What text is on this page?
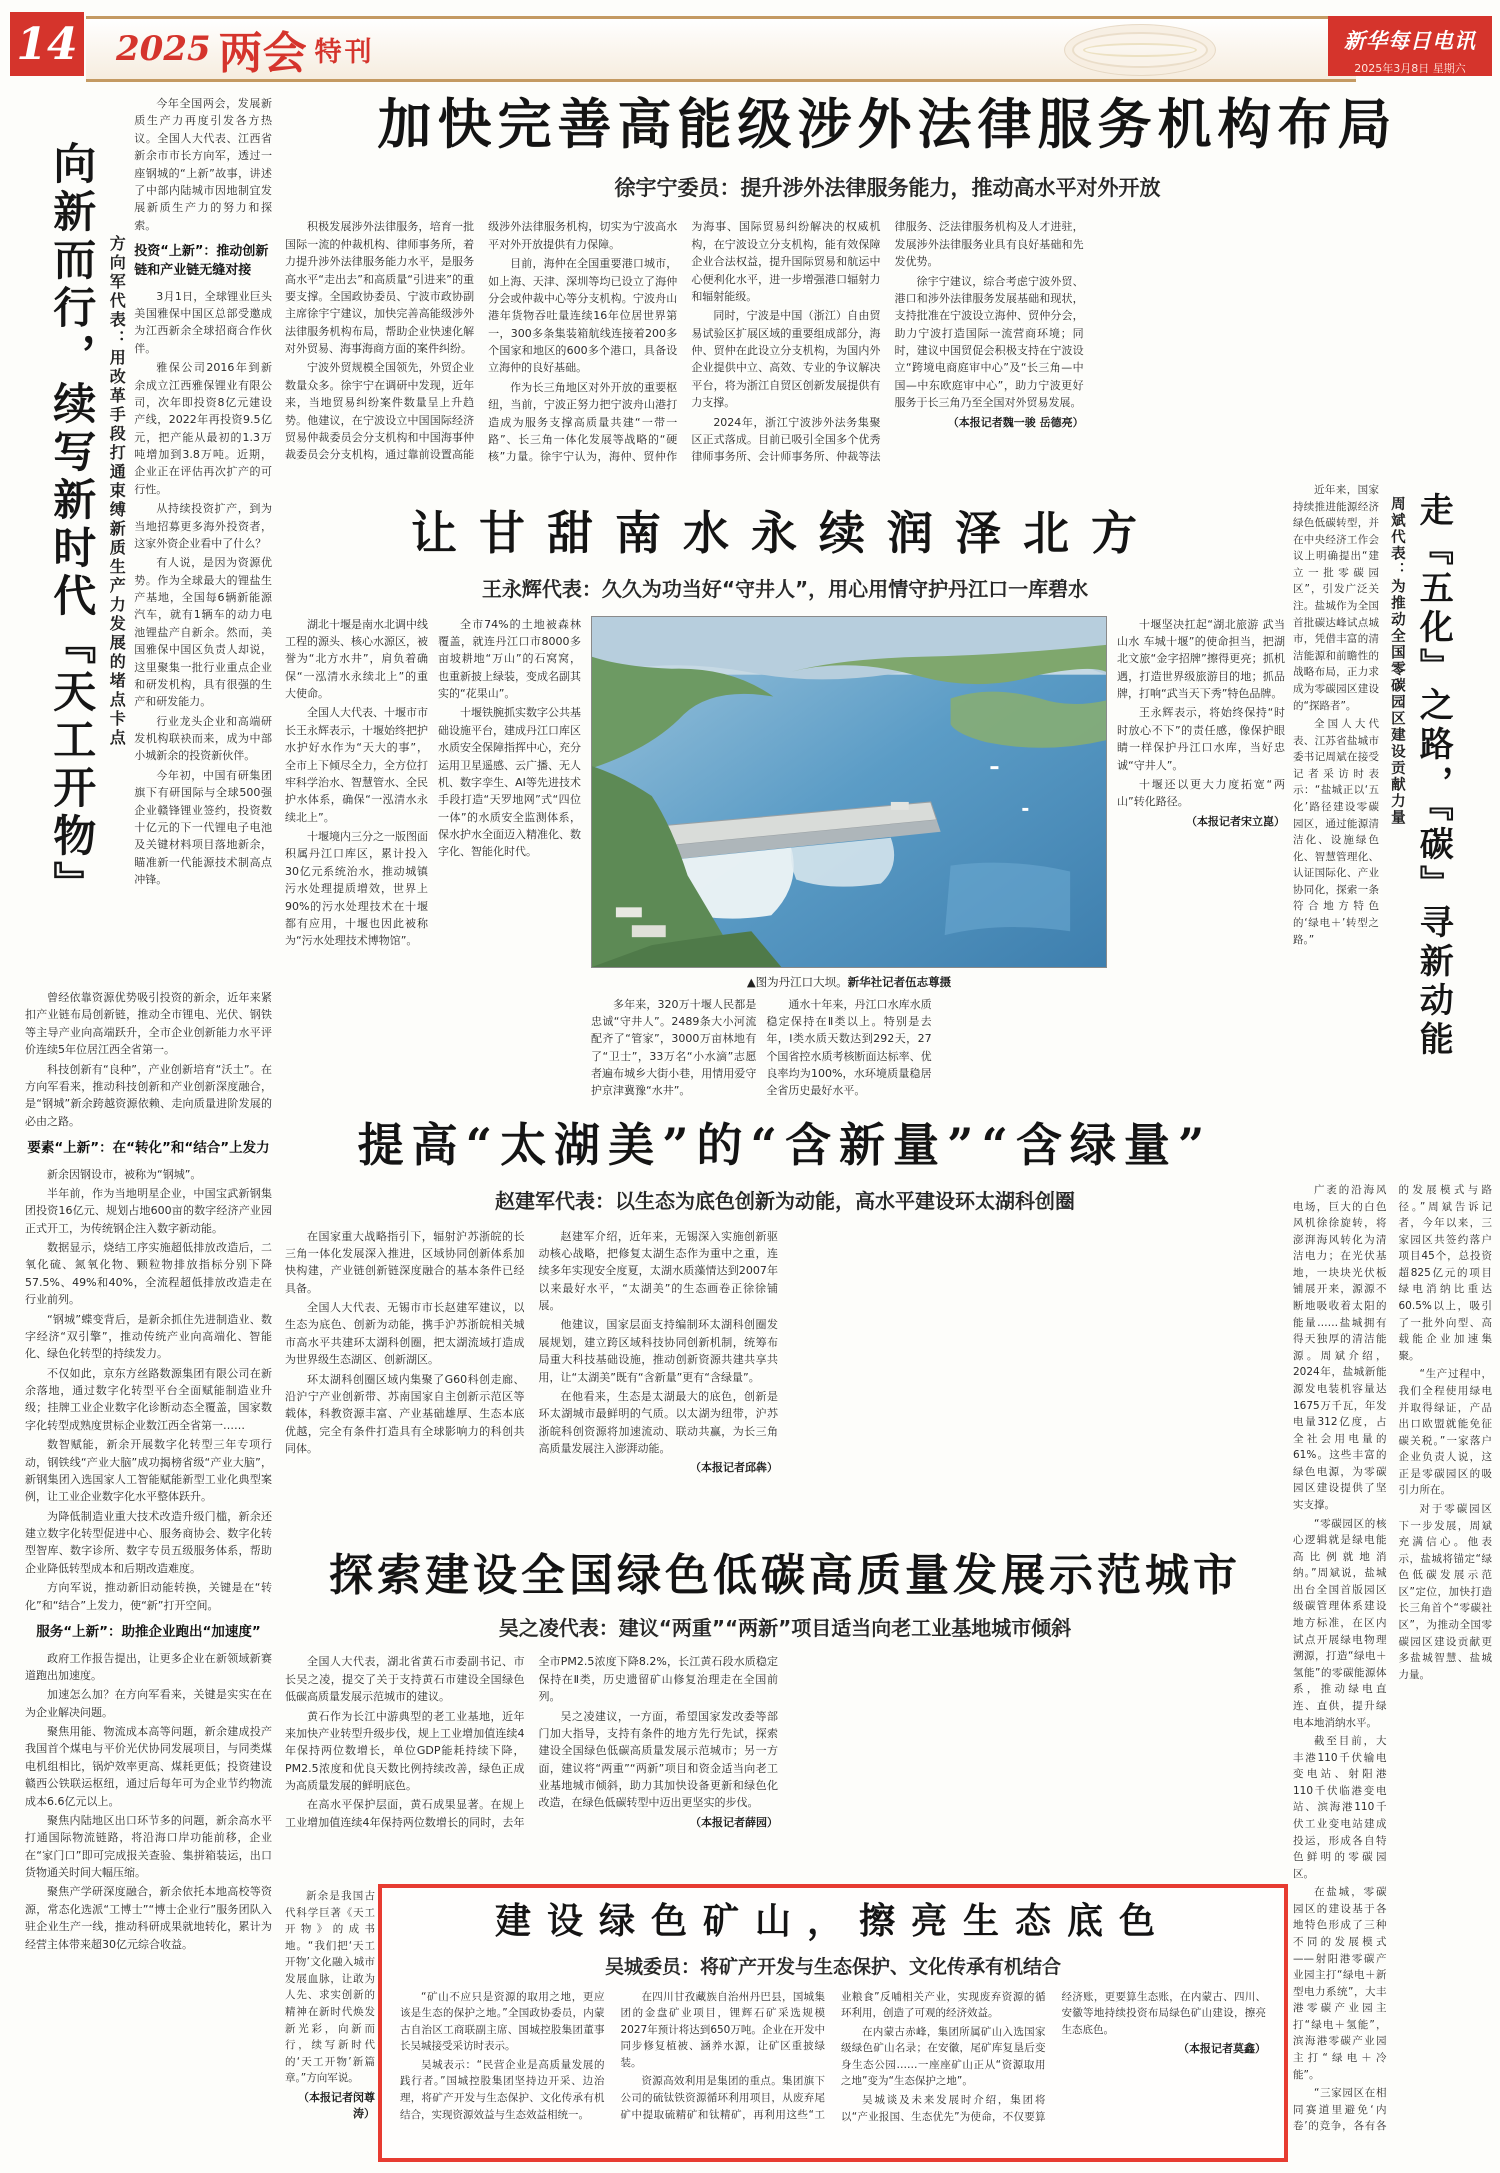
14 2025 两会 特刊	新华每日电讯
2025年3月8日 星期六
向新而行，续写新时代『天工开物』 方向军代表：用改革手段打通束缚新质生产力发展的堵点卡点

今年全国两会，发展新质生产力再度引发各方热议。全国人大代表、江西省新余市市长方向军，透过一座钢城的“上新”故事，讲述了中部内陆城市因地制宜发展新质生产力的努力和探索。

投资“上新”：推动创新链和产业链无缝对接

3月1日，全球锂业巨头美国雅保中国区总部受邀成为江西新余全球招商合作伙伴。

雅保公司2016年到新余成立江西雅保锂业有限公司，次年即投资8亿元建设产线，2022年再投资9.5亿元，把产能从最初的1.3万吨增加到3.8万吨。近期，企业正在评估再次扩产的可行性。

从持续投资扩产，到为当地招募更多海外投资者，这家外资企业看中了什么？

有人说，是因为资源优势。作为全球最大的锂盐生产基地，全国每6辆新能源汽车，就有1辆车的动力电池锂盐产自新余。然而，美国雅保中国区负责人却说，这里聚集一批行业重点企业和研发机构，具有很强的生产和研发能力。

行业龙头企业和高端研发机构联袂而来，成为中部小城新余的投资新伙伴。

今年初，中国有研集团旗下有研国际与全球500强企业赣锋锂业签约，投资数十亿元的下一代锂电子电池及关键材料项目落地新余，瞄准新一代能源技术制高点冲锋。

曾经依靠资源优势吸引投资的新余，近年来紧扣产业链布局创新链，推动全市锂电、光伏、钢铁等主导产业向高端跃升，全市企业创新能力水平评价连续5年位居江西全省第一。

科技创新有“良种”，产业创新培育“沃土”。在方向军看来，推动科技创新和产业创新深度融合，是“钢城”新余跨越资源依赖、走向质量进阶发展的必由之路。

要素“上新”：在“转化”和“结合”上发力

新余因钢设市，被称为“钢城”。

半年前，作为当地明星企业，中国宝武新钢集团投资16亿元、规划占地600亩的数字经济产业园正式开工，为传统钢企注入数字新动能。

数据显示，烧结工序实施超低排放改造后，二氧化硫、氮氧化物、颗粒物排放指标分别下降57.5%、49%和40%，全流程超低排放改造走在行业前列。

“钢城”蝶变背后，是新余抓住先进制造业、数字经济“双引擎”，推动传统产业向高端化、智能化、绿色化转型的持续发力。

不仅如此，京东方丝路数源集团有限公司在新余落地，通过数字化转型平台全面赋能制造业升级；挂牌工业企业数字化诊断动态全覆盖，国家数字化转型成熟度贯标企业数江西全省第一……

数智赋能，新余开展数字化转型三年专项行动，钢铁线“产业大脑”成功揭榜省级“产业大脑”，新钢集团入选国家人工智能赋能新型工业化典型案例，让工业企业数字化水平整体跃升。

为降低制造业重大技术改造升级门槛，新余还建立数字化转型促进中心、服务商协会、数字化转型智库、数字诊所、数字专员五级服务体系，帮助企业降低转型成本和后期改造难度。

方向军说，推动新旧动能转换，关键是在“转化”和“结合”上发力，使“新”打开空间。

服务“上新”：助推企业跑出“加速度”

政府工作报告提出，让更多企业在新领域新赛道跑出加速度。

加速怎么加？在方向军看来，关键是实实在在为企业解决问题。

聚焦用能、物流成本高等问题，新余建成投产我国首个煤电与平价光伏协同发展项目，与同类煤电机组相比，锅炉效率更高、煤耗更低；投资建设赣西公铁联运枢纽，通过后每年可为企业节约物流成本6.6亿元以上。

聚焦内陆地区出口环节多的问题，新余高水平打通国际物流链路，将沿海口岸功能前移，企业在“家门口”即可完成报关查验、集拼箱装运，出口货物通关时间大幅压缩。

聚焦产学研深度融合，新余依托本地高校等资源，常态化选派“工博士”“博士企业行”服务团队入驻企业生产一线，推动科研成果就地转化，累计为经营主体带来超30亿元综合收益。

新余是我国古代科学巨著《天工开物》的成书地。“我们把‘天工开物’文化融入城市发展血脉，让敢为人先、求实创新的精神在新时代焕发新光彩，向新而行，续写新时代的‘天工开物’新篇章。”方向军说。

（本报记者闵尊涛）

加快完善高能级涉外法律服务机构布局
徐宇宁委员：提升涉外法律服务能力，推动高水平对外开放

积极发展涉外法律服务，培育一批国际一流的仲裁机构、律师事务所，着力提升涉外法律服务能力水平，是服务高水平“走出去”和高质量“引进来”的重要支撑。全国政协委员、宁波市政协副主席徐宇宁建议，加快完善高能级涉外法律服务机构布局，帮助企业快速化解对外贸易、海事海商方面的案件纠纷。

宁波外贸规模全国领先，外贸企业数量众多。徐宇宁在调研中发现，近年来，当地贸易纠纷案件数量呈上升趋势。他建议，在宁波设立中国国际经济贸易仲裁委员会分支机构和中国海事仲裁委员会分支机构，通过靠前设置高能级涉外法律服务机构，切实为宁波高水平对外开放提供有力保障。

目前，海仲在全国重要港口城市，如上海、天津、深圳等均已设立了海仲分会或仲裁中心等分支机构。宁波舟山港年货物吞吐量连续16年位居世界第一，300多条集装箱航线连接着200多个国家和地区的600多个港口，具备设立海仲的良好基础。

作为长三角地区对外开放的重要枢纽，当前，宁波正努力把宁波舟山港打造成为服务支撑高质量共建“一带一路”、长三角一体化发展等战略的“硬核”力量。徐宇宁认为，海仲、贸仲作为海事、国际贸易纠纷解决的权威机构，在宁波设立分支机构，能有效保障企业合法权益，提升国际贸易和航运中心便利化水平，进一步增强港口辐射力和辐射能级。

同时，宁波是中国（浙江）自由贸易试验区扩展区域的重要组成部分，海仲、贸仲在此设立分支机构，为国内外企业提供中立、高效、专业的争议解决平台，将为浙江自贸区创新发展提供有力支撑。

2024年，浙江宁波涉外法务集聚区正式落成。目前已吸引全国多个优秀律师事务所、会计师事务所、仲裁等法律服务、泛法律服务机构及人才进驻，发展涉外法律服务业具有良好基础和先发优势。

徐宇宁建议，综合考虑宁波外贸、港口和涉外法律服务发展基础和现状，支持批准在宁波设立海仲、贸仲分会，助力宁波打造国际一流营商环境；同时，建议中国贸促会积极支持在宁波设立“跨境电商庭审中心”及“长三角—中国—中东欧庭审中心”，助力宁波更好服务于长三角乃至全国对外贸易发展。

（本报记者魏一骏 岳德亮）

让甘甜南水永续润泽北方
王永辉代表：久久为功当好“守井人”，用心用情守护丹江口一库碧水

湖北十堰是南水北调中线工程的源头、核心水源区，被誉为“北方水井”，肩负着确保“一泓清水永续北上”的重大使命。

全国人大代表、十堰市市长王永辉表示，十堰始终把护水护好水作为“天大的事”，全市上下倾尽全力，全方位打牢科学治水、智慧管水、全民护水体系，确保“一泓清水永续北上”。

十堰境内三分之一版图面积属丹江口库区，累计投入30亿元系统治水，推动城镇污水处理提质增效，世界上90%的污水处理技术在十堰都有应用，十堰也因此被称为“污水处理技术博物馆”。

全市74%的土地被森林覆盖，就连丹江口市8000多亩坡耕地“万山”的石窝窝，也重新披上绿装，变成名副其实的“花果山”。

十堰铁腕抓实数字公共基础设施平台，建成丹江口库区水质安全保障指挥中心，充分运用卫星遥感、云广播、无人机、数字孪生、AI等先进技术手段打造“天罗地网”式“四位一体”的水质安全监测体系，保水护水全面迈入精准化、数字化、智能化时代。

▲图为丹江口大坝。新华社记者伍志尊摄

多年来，320万十堰人民都是忠诚“守井人”。2489条大小河流配齐了“管家”，3000万亩林地有了“卫士”，33万名“小水滴”志愿者遍布城乡大街小巷，用情用爱守护京津冀豫“水井”。

通水十年来，丹江口水库水质稳定保持在Ⅱ类以上。特别是去年，Ⅰ类水质天数达到292天，27个国省控水质考核断面达标率、优良率均为100%，水环境质量稳居全省历史最好水平。

十堰坚决扛起“湖北旅游 武当山水 车城十堰”的使命担当，把湖北文旅“金字招牌”擦得更亮；抓机遇，打造世界级旅游目的地；抓品牌，打响“武当天下秀”特色品牌。

王永辉表示，将始终保持“时时放心不下”的责任感，像保护眼睛一样保护丹江口水库，当好忠诚“守井人”。

十堰还以更大力度拓宽“两山”转化路径。

（本报记者宋立崑）

近年来，国家持续推进能源经济绿色低碳转型，并在中央经济工作会议上明确提出“建立一批零碳园区”，引发广泛关注。盐城作为全国首批碳达峰试点城市，凭借丰富的清洁能源和前瞻性的战略布局，正力求成为零碳园区建设的“探路者”。

全国人大代表、江苏省盐城市委书记周斌在接受记者采访时表示：“盐城正以‘五化’路径建设零碳园区，通过能源清洁化、设施绿色化、智慧管理化、认证国际化、产业协同化，探索一条符合地方特色的‘绿电＋’转型之路。”

周斌代表：为推动全国零碳园区建设贡献力量 走『五化』之路，『碳』寻新动能

广袤的沿海风电场，巨大的白色风机徐徐旋转，将澎湃海风转化为清洁电力；在光伏基地，一块块光伏板铺展开来，源源不断地吸收着太阳的能量……盐城拥有得天独厚的清洁能源。周斌介绍，2024年，盐城新能源发电装机容量达1675万千瓦，年发电量312亿度，占全社会用电量的61%。这些丰富的绿色电源，为零碳园区建设提供了坚实支撑。

“零碳园区的核心逻辑就是绿电能高比例就地消纳。”周斌说，盐城出台全国首版园区级碳管理体系建设地方标准，在区内试点开展绿电物理溯源，打造“绿电＋氢能”的零碳能源体系，推动绿电直连、直供，提升绿电本地消纳水平。

截至目前，大丰港110千伏输电变电站、射阳港110千伏临港变电站、滨海港110千伏工业变电站建成投运，形成各自特色鲜明的零碳园区。

在盐城，零碳园区的建设基于各地特色形成了三种不同的发展模式——射阳港零碳产业园主打“绿电＋新型电力系统”，大丰港零碳产业园主打“绿电＋氢能”，滨海港零碳产业园主打“绿电＋冷能”。

“三家园区在相同赛道里避免‘内卷’的竞争，各有各的发展模式与路径。”周斌告诉记者，今年以来，三家园区共签约落户项目45个，总投资超825亿元的项目绿电消纳比重达60.5%以上，吸引了一批外向型、高载能企业加速集聚。

“生产过程中，我们全程使用绿电并取得绿证，产品出口欧盟就能免征碳关税。”一家落户企业负责人说，这正是零碳园区的吸引力所在。

对于零碳园区下一步发展，周斌充满信心。他表示，盐城将锚定“绿色低碳发展示范区”定位，加快打造长三角首个“零碳社区”，为推动全国零碳园区建设贡献更多盐城智慧、盐城力量。

提高“太湖美”的“含新量”“含绿量”
赵建军代表：以生态为底色创新为动能，高水平建设环太湖科创圈

在国家重大战略指引下，辐射沪苏浙皖的长三角一体化发展深入推进，区域协同创新体系加快构建，产业链创新链深度融合的基本条件已经具备。

全国人大代表、无锡市市长赵建军建议，以生态为底色、创新为动能，携手沪苏浙皖相关城市高水平共建环太湖科创圈，把太湖流域打造成为世界级生态湖区、创新湖区。

环太湖科创圈区域内集聚了G60科创走廊、沿沪宁产业创新带、苏南国家自主创新示范区等载体，科教资源丰富、产业基础雄厚、生态本底优越，完全有条件打造具有全球影响力的科创共同体。

赵建军介绍，近年来，无锡深入实施创新驱动核心战略，把修复太湖生态作为重中之重，连续多年实现安全度夏，太湖水质藻情达到2007年以来最好水平，“太湖美”的生态画卷正徐徐铺展。

他建议，国家层面支持编制环太湖科创圈发展规划，建立跨区域科技协同创新机制，统筹布局重大科技基础设施，推动创新资源共建共享共用，让“太湖美”既有“含新量”更有“含绿量”。

在他看来，生态是太湖最大的底色，创新是环太湖城市最鲜明的气质。以太湖为纽带，沪苏浙皖科创资源将加速流动、联动共赢，为长三角高质量发展注入澎湃动能。

（本报记者邱犇）

探索建设全国绿色低碳高质量发展示范城市
吴之凌代表：建议“两重”“两新”项目适当向老工业基地城市倾斜

全国人大代表，湖北省黄石市委副书记、市长吴之凌，提交了关于支持黄石市建设全国绿色低碳高质量发展示范城市的建议。

黄石作为长江中游典型的老工业基地，近年来加快产业转型升级步伐，规上工业增加值连续4年保持两位数增长，单位GDP能耗持续下降，PM2.5浓度和优良天数比例持续改善，绿色正成为高质量发展的鲜明底色。

在高水平保护层面，黄石成果显著。在规上工业增加值连续4年保持两位数增长的同时，去年全市PM2.5浓度下降8.2%，长江黄石段水质稳定保持在Ⅱ类，历史遗留矿山修复治理走在全国前列。

吴之凌建议，一方面，希望国家发改委等部门加大指导，支持有条件的地方先行先试，探索建设全国绿色低碳高质量发展示范城市；另一方面，建议将“两重”“两新”项目和资金适当向老工业基地城市倾斜，助力其加快设备更新和绿色化改造，在绿色低碳转型中迈出更坚实的步伐。

（本报记者薛园）

建设绿色矿山，擦亮生态底色
吴城委员：将矿产开发与生态保护、文化传承有机结合

“矿山不应只是资源的取用之地，更应该是生态的保护之地。”全国政协委员，内蒙古自治区工商联副主席、国城控股集团董事长吴城接受采访时表示。

吴城表示：“民营企业是高质量发展的践行者。”国城控股集团坚持边开采、边治理，将矿产开发与生态保护、文化传承有机结合，实现资源效益与生态效益相统一。

在四川甘孜藏族自治州丹巴县，国城集团的金盘矿业项目，锂辉石矿采选规模2027年预计将达到650万吨。企业在开发中同步修复植被、涵养水源，让矿区重披绿装。

资源高效利用是集团的重点。集团旗下公司的硫钛铁资源循环利用项目，从废弃尾矿中提取硫精矿和钛精矿，再利用这些“工业粮食”反哺相关产业，实现废弃资源的循环利用，创造了可观的经济效益。

在内蒙古赤峰，集团所属矿山入选国家级绿色矿山名录；在安徽，尾矿库复垦后变身生态公园……一座座矿山正从“资源取用之地”变为“生态保护之地”。

吴城谈及未来发展时介绍，集团将以“产业报国、生态优先”为使命，不仅要算经济账，更要算生态账，在内蒙古、四川、安徽等地持续投资布局绿色矿山建设，擦亮生态底色。

（本报记者莫鑫）
